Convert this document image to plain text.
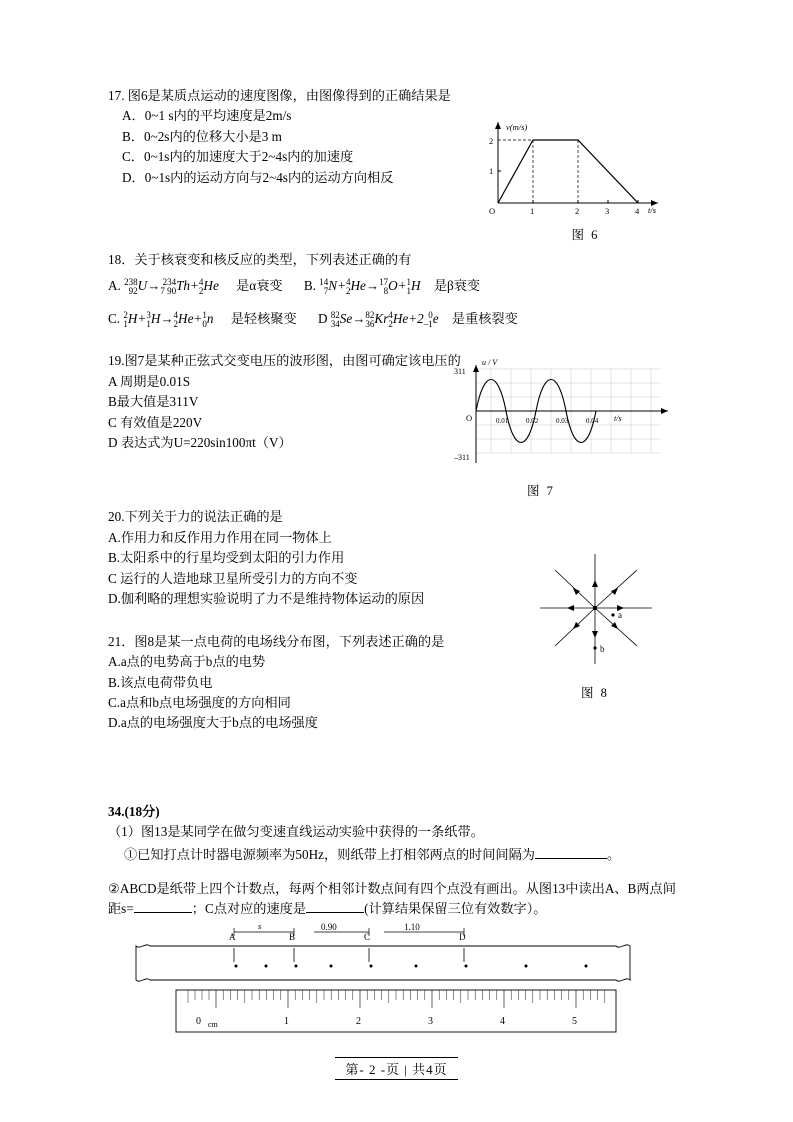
17. 图6是某质点运动的速度图像，由图像得到的正确结果是
A．0~1 s内的平均速度是2m/s
B．0~2s内的位移大小是3 m
C．0~1s内的加速度大于2~4s内的加速度
D．0~1s内的运动方向与2~4s内的运动方向相反
v(m/s)
2
1
O	1	2	3	4 t/s
图 6
18．关于核衰变和核反应的类型，下列表述正确的有
A. 238
92 U→ 234
7 90 Th+ 4
2 He 是α衰变 B. 14
7 N+ 4
2 He→ 17
8 O+ 1
1 H 是β衰变
C. 2
1 H+ 3
1 H→ 4
2 He+ 1
0 n 是轻核聚变 D 82
34 Se→ 82
36 Kr 4
2 He+2 0
–1 e 是重核裂变
19.图7是某种正弦式交变电压的波形图，由图可确定该电压的
A 周期是0.01S
B最大值是311V
C 有效值是220V
D 表达式为U=220sin100πt（V）
u / V
311
–311
O	0.01	0.02	0.03	0.04 t/s
图 7
20.下列关于力的说法正确的是
A.作用力和反作用力作用在同一物体上
B.太阳系中的行星均受到太阳的引力作用
C 运行的人造地球卫星所受引力的方向不变
D.伽利略的理想实验说明了力不是维持物体运动的原因
21．图8是某一点电荷的电场线分布图，下列表述正确的是
A.a点的电势高于b点的电势
B.该点电荷带负电
C.a点和b点电场强度的方向相同
D.a点的电场强度大于b点的电场强度
a
b
图 8
34.(18分)
（1）图13是某同学在做匀变速直线运动实验中获得的一条纸带。
①已知打点计时器电源频率为50Hz，则纸带上打相邻两点的时间间隔为	。
②ABCD是纸带上四个计数点，每两个相邻计数点间有四个点没有画出。从图13中读出A、B两点间距s=	；C点对应的速度是	(计算结果保留三位有效数字）。
A	B	C	D
s	0.90	1.10
0 cm	1	2	3	4	5
第- 2 -页 | 共4页
